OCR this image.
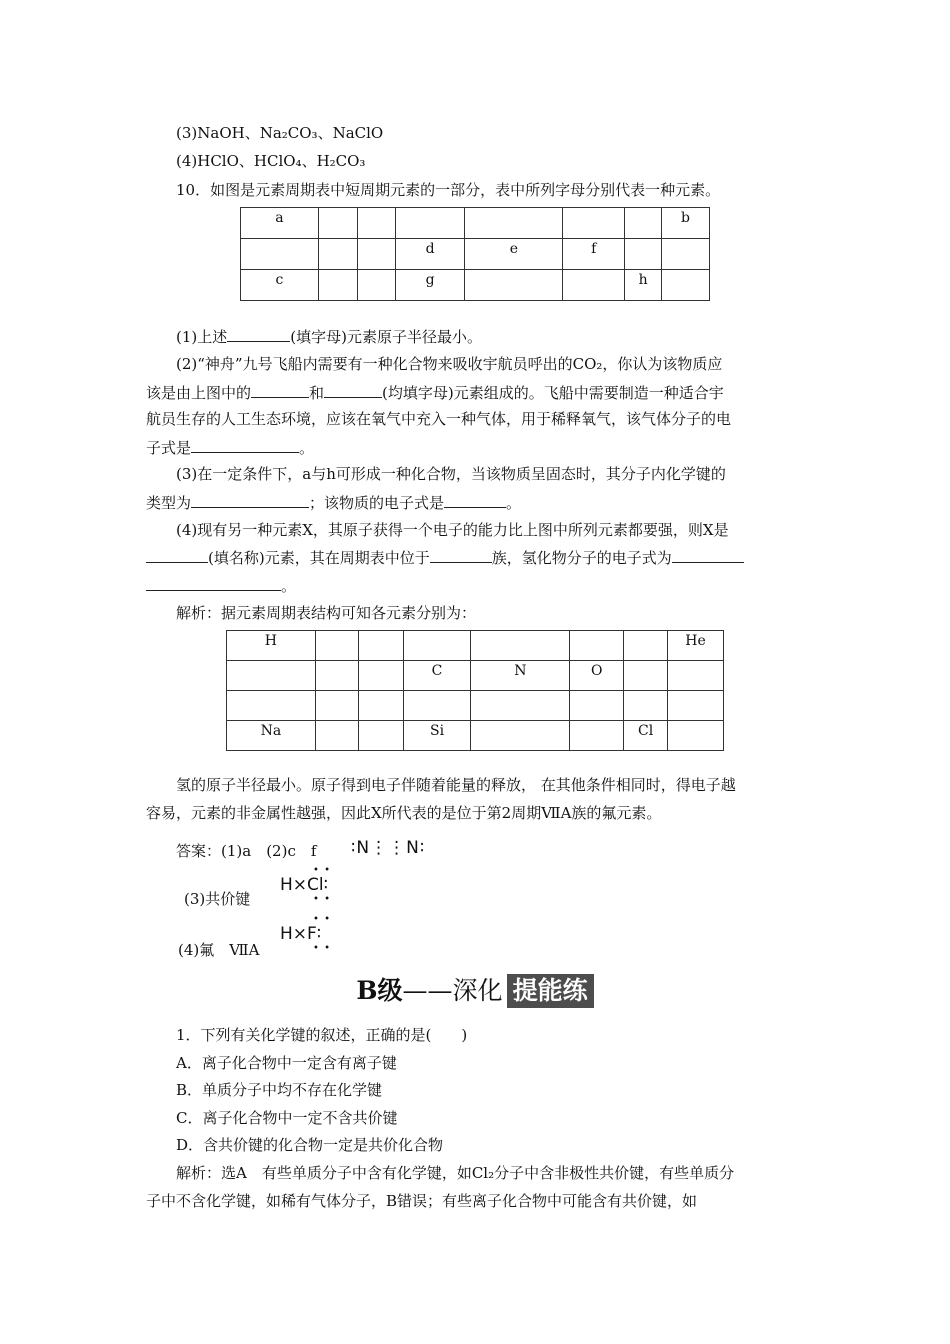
(3)NaOH、Na₂CO₃、NaClO
(4)HClO、HClO₄、H₂CO₃
10．如图是元素周期表中短周期元素的一部分，表中所列字母分别代表一种元素。
a							b
			d	e	f		
c			g			h	
(1)上述	(填字母)元素原子半径最小。
(2)“神舟”九号飞船内需要有一种化合物来吸收宇航员呼出的CO₂，你认为该物质应
该是由上图中的	和	(均填字母)元素组成的。飞船中需要制造一种适合宇
航员生存的人工生态环境，应该在氧气中充入一种气体，用于稀释氧气，该气体分子的电
子式是	。
(3)在一定条件下，a与h可形成一种化合物，当该物质呈固态时，其分子内化学键的
类型为	；该物质的电子式是	。
(4)现有另一种元素X，其原子获得一个电子的能力比上图中所列元素都要强，则X是
(填名称)元素，其在周期表中位于	族，氢化物分子的电子式为
。
解析：据元素周期表结构可知各元素分别为：
H							He
			C	N	O		

Na			Si			Cl	
氢的原子半径最小。原子得到电子伴随着能量的释放， 在其他条件相同时，得电子越
容易，元素的非金属性越强，因此X所代表的是位于第2周期ⅦA族的氟元素。
答案：(1)a　(2)c　f ∶N⋮⋮N∶
(3)共价键
• •
H×Cl∶
• •
(4)氟　ⅦA
• •
H×F∶
• •
B级——深化 提能练
1．下列有关化学键的叙述，正确的是(　　)
A．离子化合物中一定含有离子键
B．单质分子中均不存在化学键
C．离子化合物中一定不含共价键
D．含共价键的化合物一定是共价化合物
解析：选A　有些单质分子中含有化学键，如Cl₂分子中含非极性共价键，有些单质分
子中不含化学键，如稀有气体分子，B错误；有些离子化合物中可能含有共价键，如
